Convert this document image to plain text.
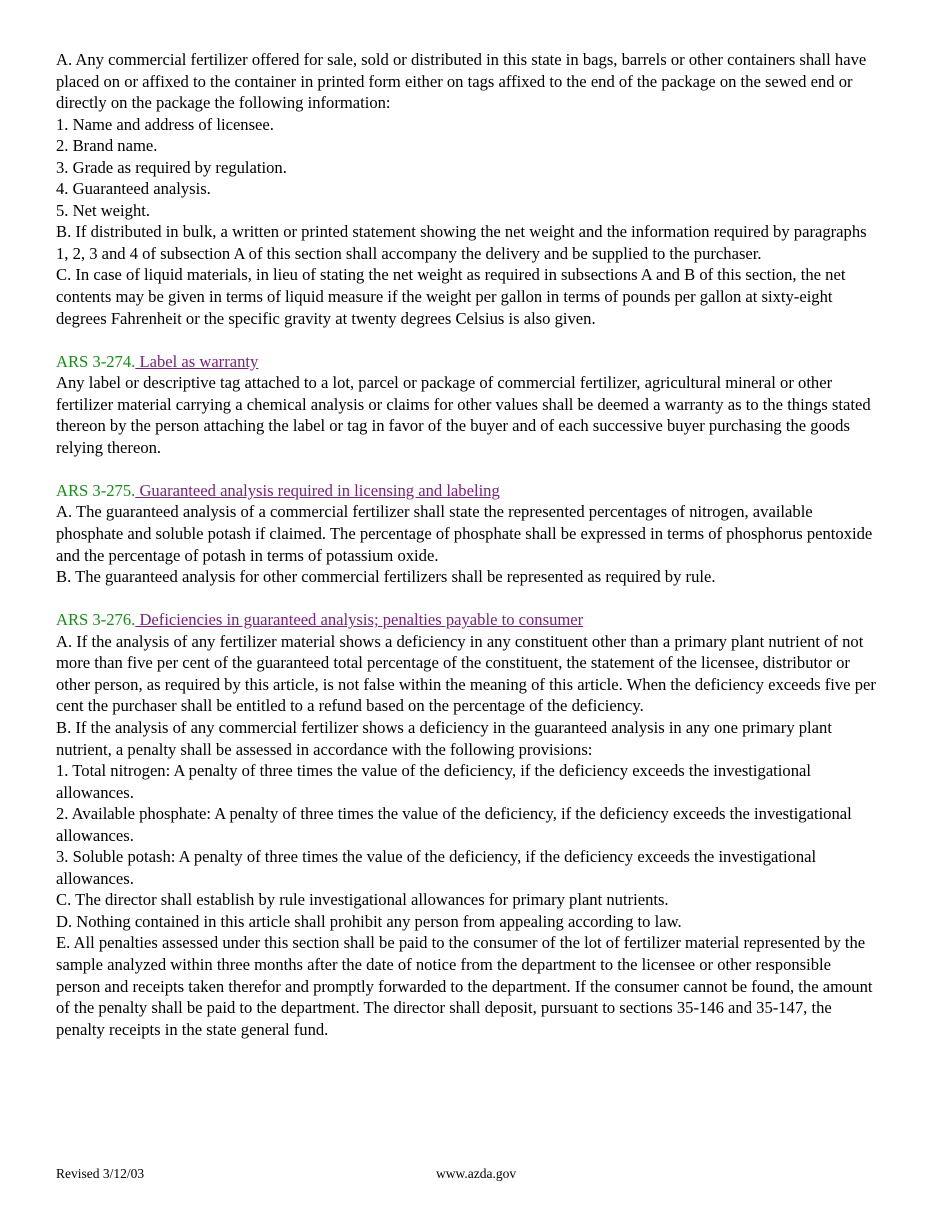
A. Any commercial fertilizer offered for sale, sold or distributed in this state in bags, barrels or other containers shall have placed on or affixed to the container in printed form either on tags affixed to the end of the package on the sewed end or directly on the package the following information:

1. Name and address of licensee.

2. Brand name.

3. Grade as required by regulation.

4. Guaranteed analysis.

5. Net weight.

B. If distributed in bulk, a written or printed statement showing the net weight and the information required by paragraphs 1, 2, 3 and 4 of subsection A of this section shall accompany the delivery and be supplied to the purchaser.

C. In case of liquid materials, in lieu of stating the net weight as required in subsections A and B of this section, the net contents may be given in terms of liquid measure if the weight per gallon in terms of pounds per gallon at sixty-eight degrees Fahrenheit or the specific gravity at twenty degrees Celsius is also given.

ARS 3-274. Label as warranty

Any label or descriptive tag attached to a lot, parcel or package of commercial fertilizer, agricultural mineral or other fertilizer material carrying a chemical analysis or claims for other values shall be deemed a warranty as to the things stated thereon by the person attaching the label or tag in favor of the buyer and of each successive buyer purchasing the goods relying thereon.

ARS 3-275. Guaranteed analysis required in licensing and labeling

A. The guaranteed analysis of a commercial fertilizer shall state the represented percentages of nitrogen, available phosphate and soluble potash if claimed. The percentage of phosphate shall be expressed in terms of phosphorus pentoxide and the percentage of potash in terms of potassium oxide.

B. The guaranteed analysis for other commercial fertilizers shall be represented as required by rule.

ARS 3-276. Deficiencies in guaranteed analysis; penalties payable to consumer

A. If the analysis of any fertilizer material shows a deficiency in any constituent other than a primary plant nutrient of not more than five per cent of the guaranteed total percentage of the constituent, the statement of the licensee, distributor or other person, as required by this article, is not false within the meaning of this article. When the deficiency exceeds five per cent the purchaser shall be entitled to a refund based on the percentage of the deficiency.

B. If the analysis of any commercial fertilizer shows a deficiency in the guaranteed analysis in any one primary plant nutrient, a penalty shall be assessed in accordance with the following provisions:

1. Total nitrogen: A penalty of three times the value of the deficiency, if the deficiency exceeds the investigational allowances.

2. Available phosphate: A penalty of three times the value of the deficiency, if the deficiency exceeds the investigational allowances.

3. Soluble potash: A penalty of three times the value of the deficiency, if the deficiency exceeds the investigational allowances.

C. The director shall establish by rule investigational allowances for primary plant nutrients.

D. Nothing contained in this article shall prohibit any person from appealing according to law.

E. All penalties assessed under this section shall be paid to the consumer of the lot of fertilizer material represented by the sample analyzed within three months after the date of notice from the department to the licensee or other responsible person and receipts taken therefor and promptly forwarded to the department. If the consumer cannot be found, the amount of the penalty shall be paid to the department. The director shall deposit, pursuant to sections 35-146 and 35-147, the penalty receipts in the state general fund.

Revised 3/12/03	www.azda.gov
